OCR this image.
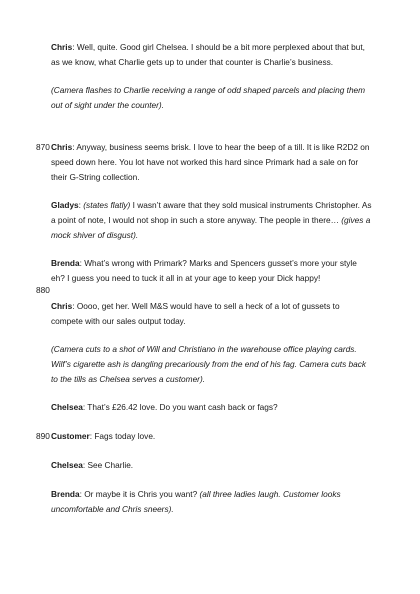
Chris: Well, quite. Good girl Chelsea. I should be a bit more perplexed about that but, as we know, what Charlie gets up to under that counter is Charlie’s business.
(Camera flashes to Charlie receiving a range of odd shaped parcels and placing them out of sight under the counter).
870 Chris: Anyway, business seems brisk. I love to hear the beep of a till. It is like R2D2 on speed down here. You lot have not worked this hard since Primark had a sale on for their G-String collection.
Gladys: (states flatly) I wasn’t aware that they sold musical instruments Christopher. As a point of note, I would not shop in such a store anyway. The people in there… (gives a mock shiver of disgust).
Brenda: What’s wrong with Primark? Marks and Spencers gusset’s more your style eh? I guess you need to tuck it all in at your age to keep your Dick happy!
880
Chris: Oooo, get her. Well M&S would have to sell a heck of a lot of gussets to compete with our sales output today.
(Camera cuts to a shot of Will and Christiano in the warehouse office playing cards. Wilf’s cigarette ash is dangling precariously from the end of his fag. Camera cuts back to the tills as Chelsea serves a customer).
Chelsea: That’s £26.42 love. Do you want cash back or fags?
890 Customer: Fags today love.
Chelsea: See Charlie.
Brenda: Or maybe it is Chris you want? (all three ladies laugh. Customer looks uncomfortable and Chris sneers).
